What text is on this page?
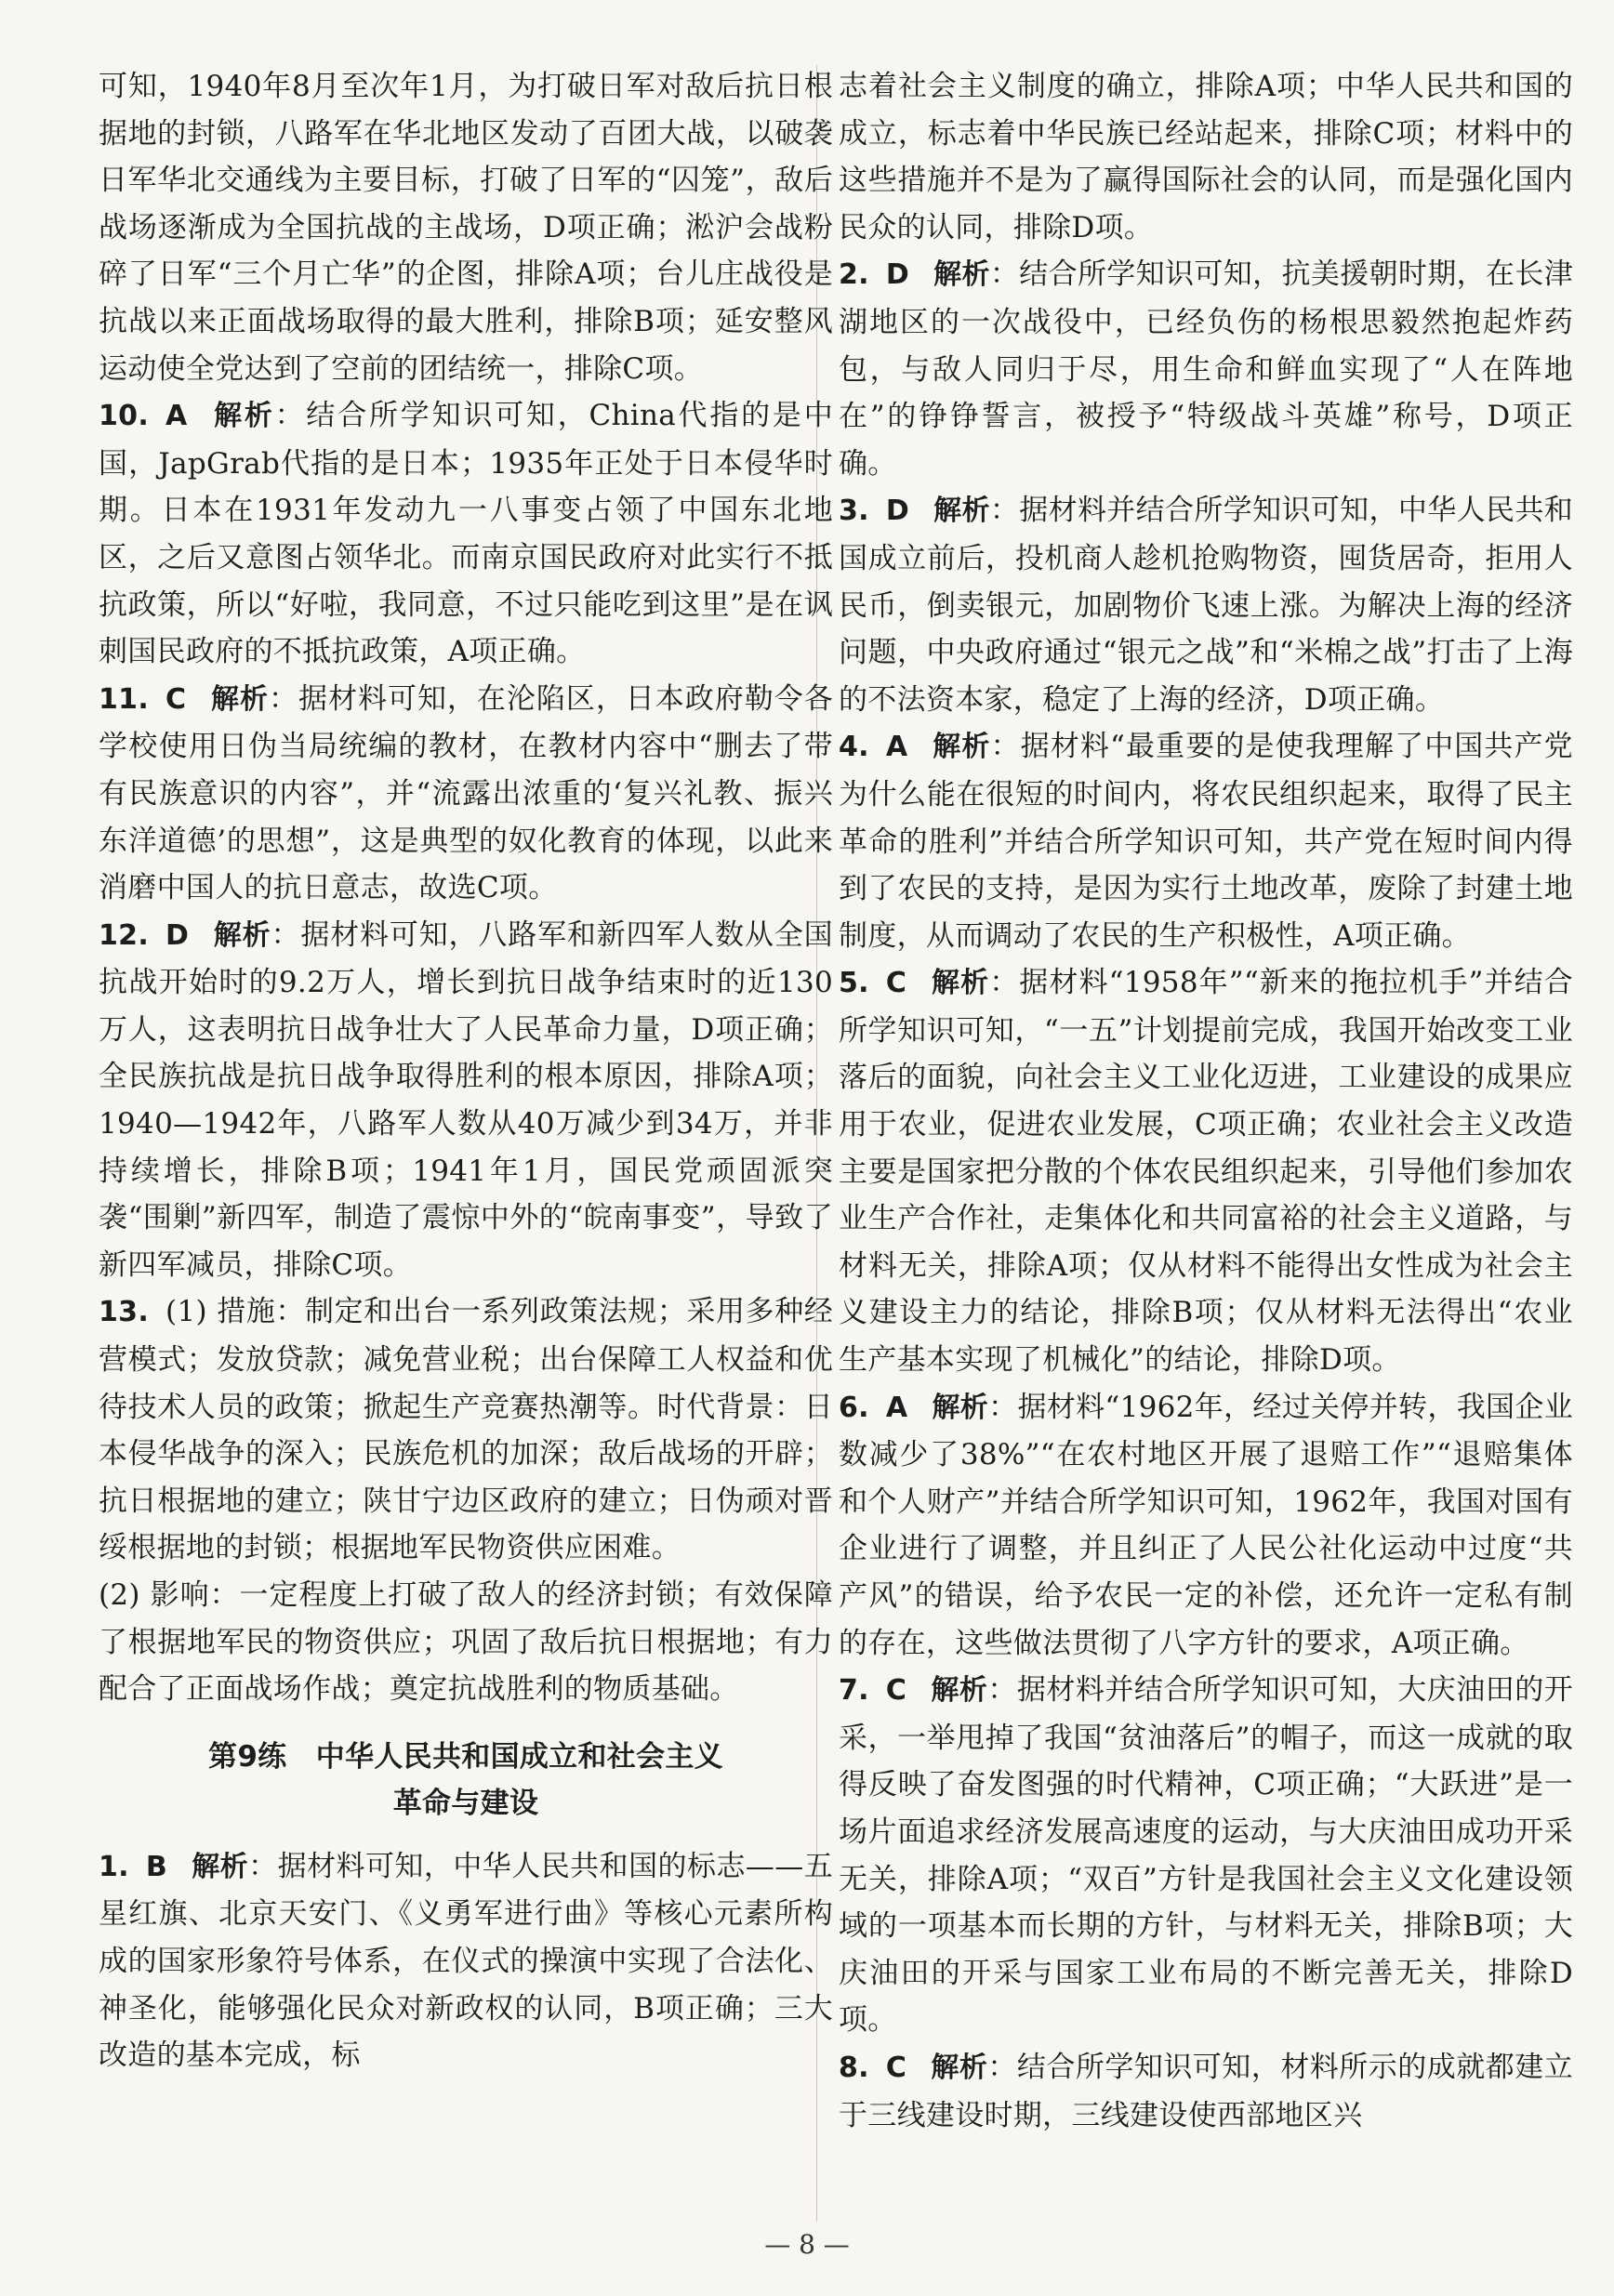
可知，1940年8月至次年1月，为打破日军对敌后抗日根据地的封锁，八路军在华北地区发动了百团大战，以破袭日军华北交通线为主要目标，打破了日军的“囚笼”，敌后战场逐渐成为全国抗战的主战场，D项正确；淞沪会战粉碎了日军“三个月亡华”的企图，排除A项；台儿庄战役是抗战以来正面战场取得的最大胜利，排除B项；延安整风运动使全党达到了空前的团结统一，排除C项。

10. A 解析：结合所学知识可知，China代指的是中国，JapGrab代指的是日本；1935年正处于日本侵华时期。日本在1931年发动九一八事变占领了中国东北地区，之后又意图占领华北。而南京国民政府对此实行不抵抗政策，所以“好啦，我同意，不过只能吃到这里”是在讽刺国民政府的不抵抗政策，A项正确。

11. C 解析：据材料可知，在沦陷区，日本政府勒令各学校使用日伪当局统编的教材，在教材内容中“删去了带有民族意识的内容”，并“流露出浓重的‘复兴礼教、振兴东洋道德’的思想”，这是典型的奴化教育的体现，以此来消磨中国人的抗日意志，故选C项。

12. D 解析：据材料可知，八路军和新四军人数从全国抗战开始时的9.2万人，增长到抗日战争结束时的近130万人，这表明抗日战争壮大了人民革命力量，D项正确；全民族抗战是抗日战争取得胜利的根本原因，排除A项；1940—1942年，八路军人数从40万减少到34万，并非持续增长，排除B项；1941年1月，国民党顽固派突袭“围剿”新四军，制造了震惊中外的“皖南事变”，导致了新四军减员，排除C项。

13. (1) 措施：制定和出台一系列政策法规；采用多种经营模式；发放贷款；减免营业税；出台保障工人权益和优待技术人员的政策；掀起生产竞赛热潮等。时代背景：日本侵华战争的深入；民族危机的加深；敌后战场的开辟；抗日根据地的建立；陕甘宁边区政府的建立；日伪顽对晋绥根据地的封锁；根据地军民物资供应困难。

(2) 影响：一定程度上打破了敌人的经济封锁；有效保障了根据地军民的物资供应；巩固了敌后抗日根据地；有力配合了正面战场作战；奠定抗战胜利的物质基础。

第9练　中华人民共和国成立和社会主义
革命与建设

1. B 解析：据材料可知，中华人民共和国的标志——五星红旗、北京天安门、《义勇军进行曲》等核心元素所构成的国家形象符号体系，在仪式的操演中实现了合法化、神圣化，能够强化民众对新政权的认同，B项正确；三大改造的基本完成，标

志着社会主义制度的确立，排除A项；中华人民共和国的成立，标志着中华民族已经站起来，排除C项；材料中的这些措施并不是为了赢得国际社会的认同，而是强化国内民众的认同，排除D项。

2. D 解析：结合所学知识可知，抗美援朝时期，在长津湖地区的一次战役中，已经负伤的杨根思毅然抱起炸药包，与敌人同归于尽，用生命和鲜血实现了“人在阵地在”的铮铮誓言，被授予“特级战斗英雄”称号，D项正确。

3. D 解析：据材料并结合所学知识可知，中华人民共和国成立前后，投机商人趁机抢购物资，囤货居奇，拒用人民币，倒卖银元，加剧物价飞速上涨。为解决上海的经济问题，中央政府通过“银元之战”和“米棉之战”打击了上海的不法资本家，稳定了上海的经济，D项正确。

4. A 解析：据材料“最重要的是使我理解了中国共产党为什么能在很短的时间内，将农民组织起来，取得了民主革命的胜利”并结合所学知识可知，共产党在短时间内得到了农民的支持，是因为实行土地改革，废除了封建土地制度，从而调动了农民的生产积极性，A项正确。

5. C 解析：据材料“1958年”“新来的拖拉机手”并结合所学知识可知，“一五”计划提前完成，我国开始改变工业落后的面貌，向社会主义工业化迈进，工业建设的成果应用于农业，促进农业发展，C项正确；农业社会主义改造主要是国家把分散的个体农民组织起来，引导他们参加农业生产合作社，走集体化和共同富裕的社会主义道路，与材料无关，排除A项；仅从材料不能得出女性成为社会主义建设主力的结论，排除B项；仅从材料无法得出“农业生产基本实现了机械化”的结论，排除D项。

6. A 解析：据材料“1962年，经过关停并转，我国企业数减少了38%”“在农村地区开展了退赔工作”“退赔集体和个人财产”并结合所学知识可知，1962年，我国对国有企业进行了调整，并且纠正了人民公社化运动中过度“共产风”的错误，给予农民一定的补偿，还允许一定私有制的存在，这些做法贯彻了八字方针的要求，A项正确。

7. C 解析：据材料并结合所学知识可知，大庆油田的开采，一举甩掉了我国“贫油落后”的帽子，而这一成就的取得反映了奋发图强的时代精神，C项正确；“大跃进”是一场片面追求经济发展高速度的运动，与大庆油田成功开采无关，排除A项；“双百”方针是我国社会主义文化建设领域的一项基本而长期的方针，与材料无关，排除B项；大庆油田的开采与国家工业布局的不断完善无关，排除D项。

8. C 解析：结合所学知识可知，材料所示的成就都建立于三线建设时期，三线建设使西部地区兴

— 8 —
